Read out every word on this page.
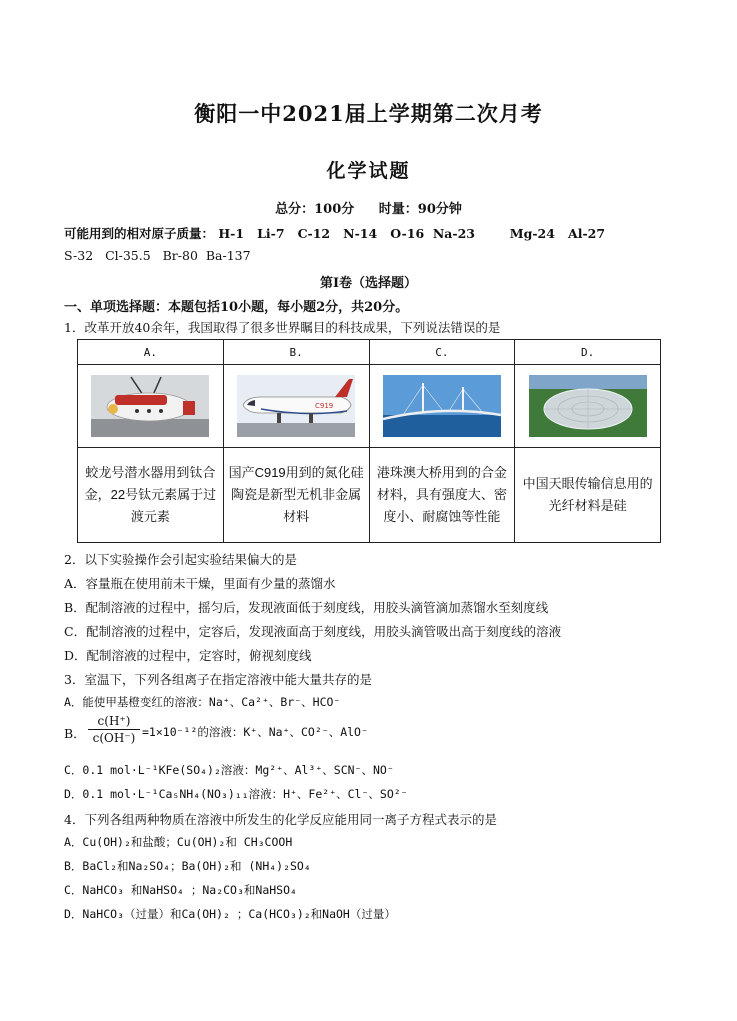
衡阳一中2021届上学期第二次月考
化学试题
总分：100分 时量：90分钟
可能用到的相对原子质量： H-1   Li-7   C-12   N-14   O-16  Na-23        Mg-24   Al-27
S-32   Cl-35.5   Br-80  Ba-137
第Ⅰ卷（选择题）
一、单项选择题：本题包括10小题，每小题2分，共20分。
1．改革开放40余年，我国取得了很多世界瞩目的科技成果，下列说法错误的是
A.	B.	C.	D.

C919

蛟龙号潜水器用到钛合金，22号钛元素属于过渡元素	国产C919用到的氮化硅陶瓷是新型无机非金属材料	港珠澳大桥用到的合金材料，具有强度大、密度小、耐腐蚀等性能	中国天眼传输信息用的光纤材料是硅
2．以下实验操作会引起实验结果偏大的是
A．容量瓶在使用前未干燥，里面有少量的蒸馏水
B．配制溶液的过程中，摇匀后，发现液面低于刻度线，用胶头滴管滴加蒸馏水至刻度线
C．配制溶液的过程中，定容后，发现液面高于刻度线，用胶头滴管吸出高于刻度线的溶液
D．配制溶液的过程中，定容时，俯视刻度线
3．室温下，下列各组离子在指定溶液中能大量共存的是
A．能使甲基橙变红的溶液：Na⁺、Ca²⁺、Br⁻、HCO⁻
B． $\frac{c(H^+)}{c(OH^-)} =1\times 10^{-12}$的溶液：K⁺、Na⁺、CO²⁻、AlO⁻
C．0.1 mol·L⁻¹KFe(SO₄)₂溶液：Mg²⁺、Al³⁺、SCN⁻、NO⁻
D．0.1 mol·L⁻¹Ca₅NH₄(NO₃)₁₁溶液：H⁺、Fe²⁺、Cl⁻、SO²⁻
4．下列各组两种物质在溶液中所发生的化学反应能用同一离子方程式表示的是
A．Cu(OH)₂和盐酸；Cu(OH)₂和 CH₃COOH
B．BaCl₂和Na₂SO₄；Ba(OH)₂和 (NH₄)₂SO₄
C．NaHCO₃ 和NaHSO₄ ；Na₂CO₃和NaHSO₄
D．NaHCO₃（过量）和Ca(OH)₂ ；Ca(HCO₃)₂和NaOH（过量）
